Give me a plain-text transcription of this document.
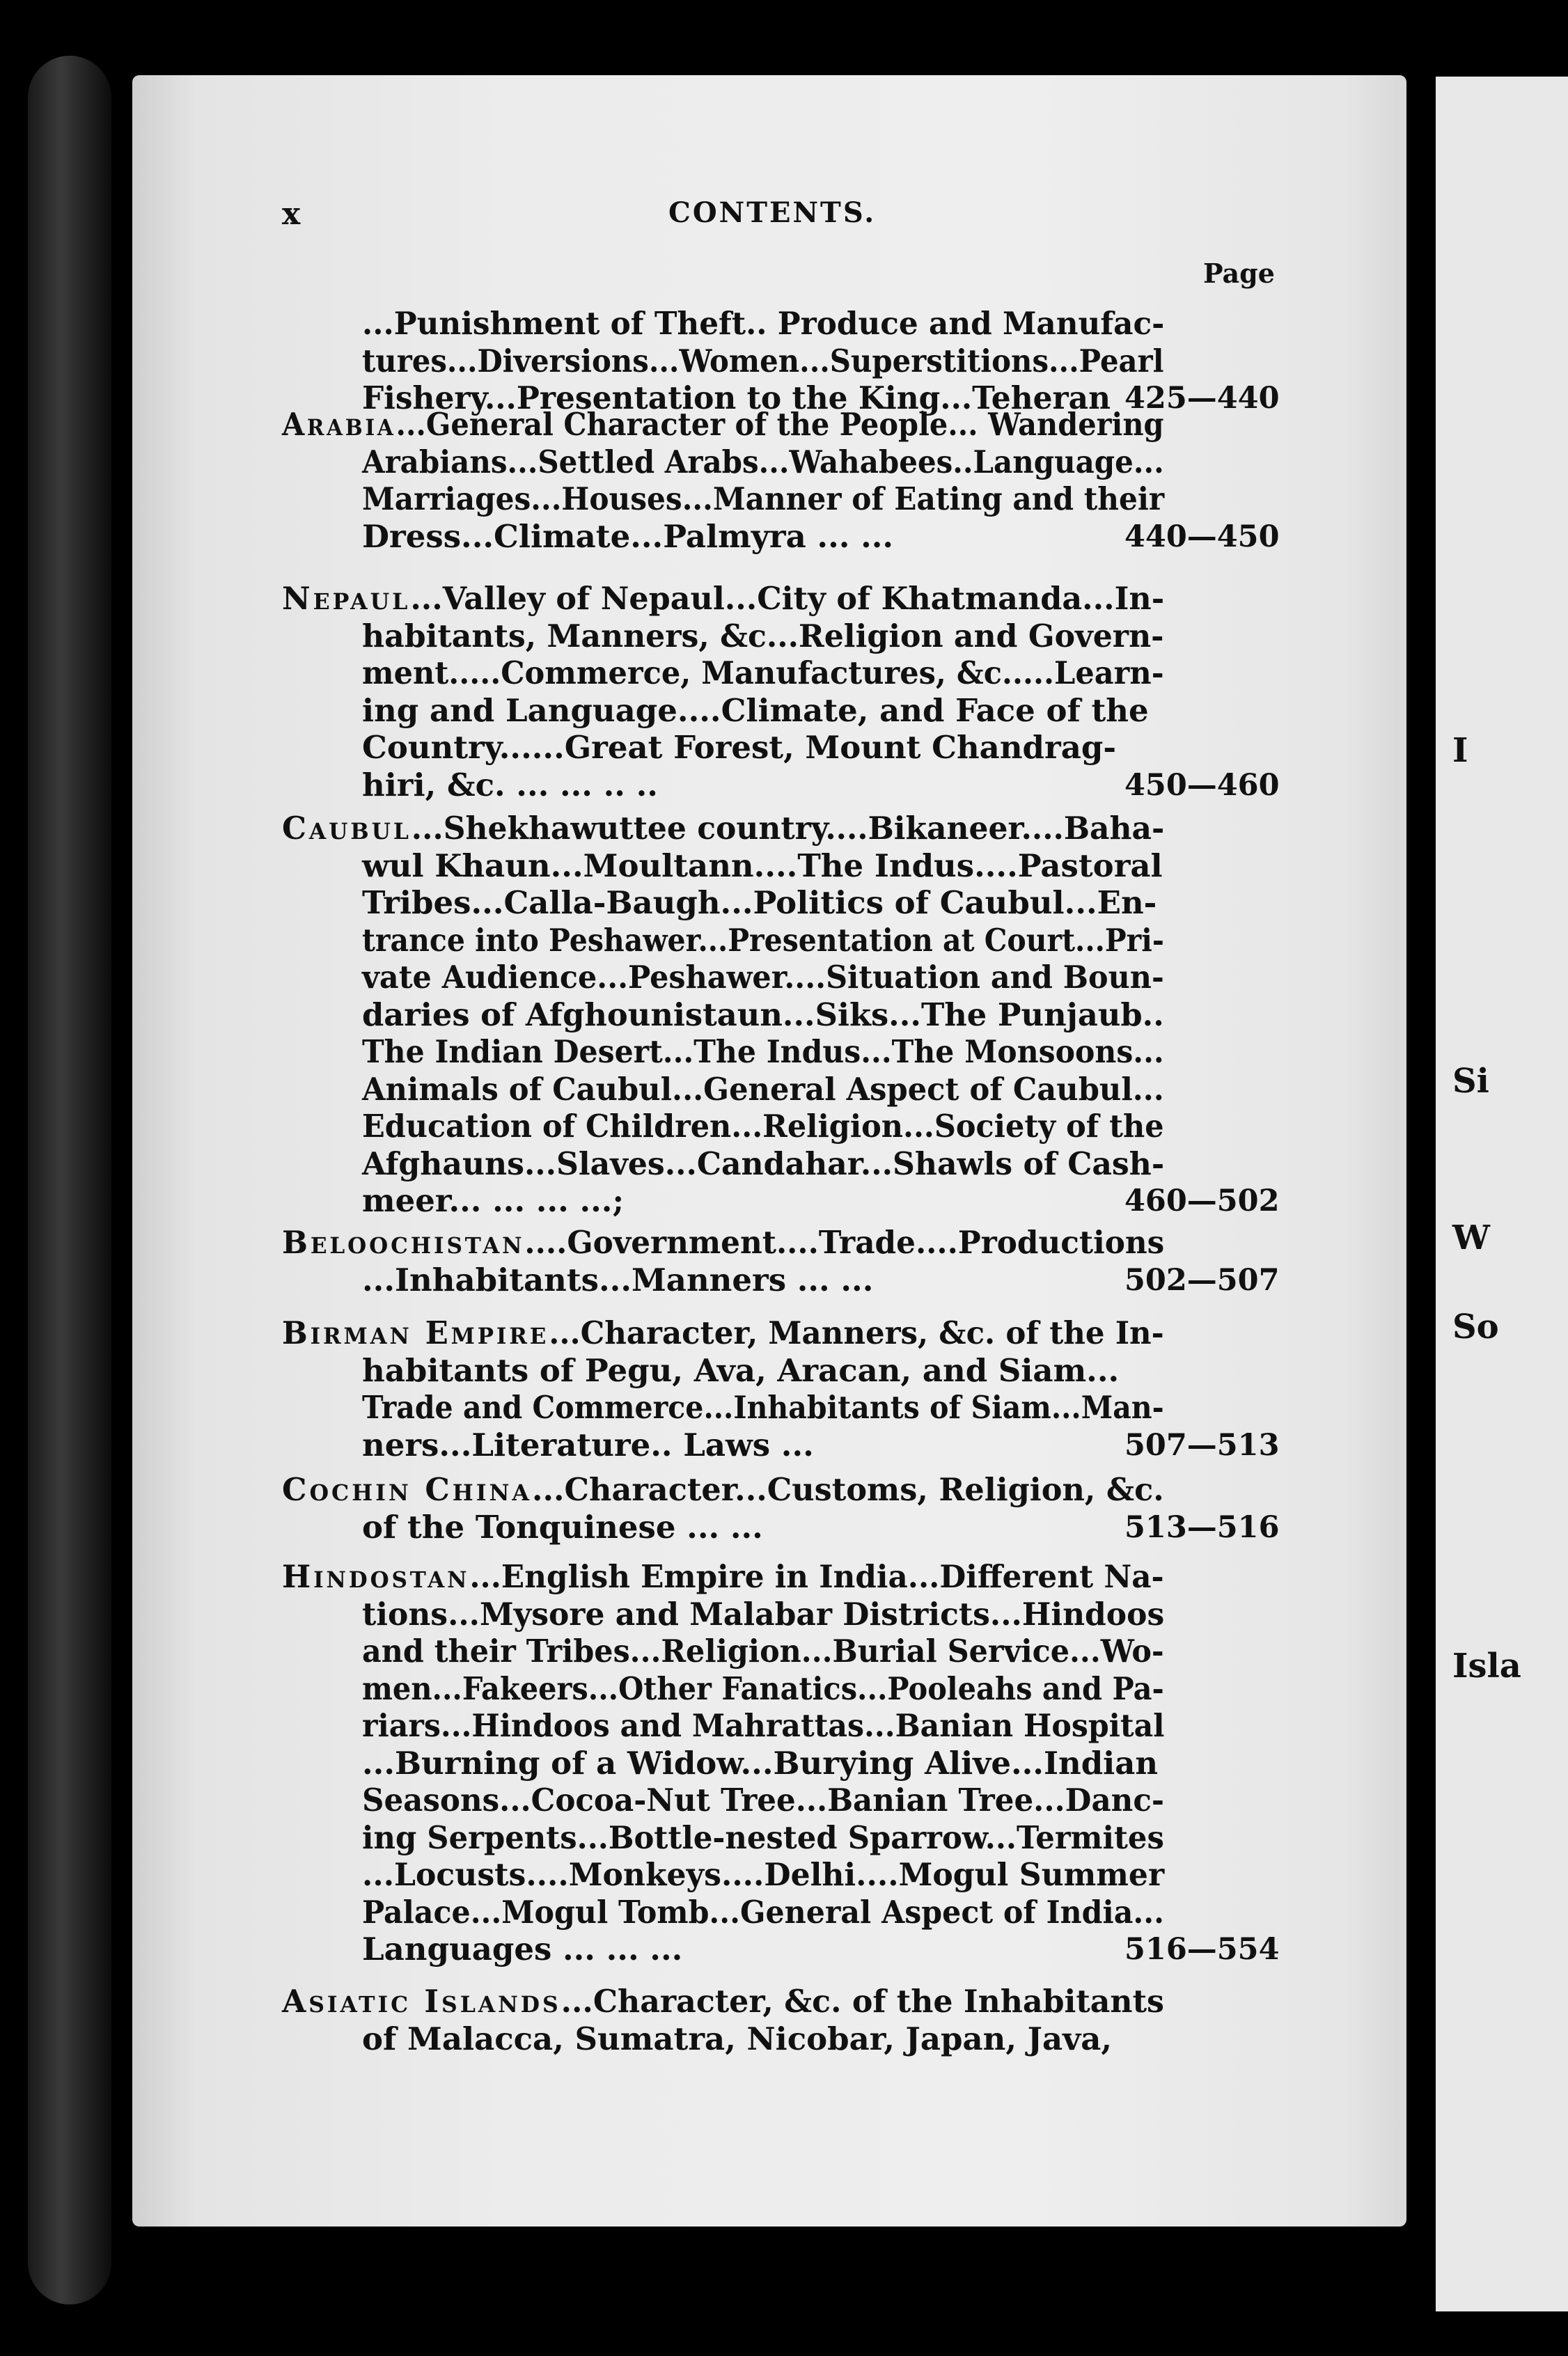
I
Si
W
So
Isla
x	CONTENTS.
Page
...Punishment of Theft.. Produce and Manufac-
tures...Diversions...Women...Superstitions...Pearl
Fishery...Presentation to the King...Teheran 425—440
Arabia ...General Character of the People... Wandering
Arabians...Settled Arabs...Wahabees..Language...
Marriages...Houses...Manner of Eating and their
Dress...Climate...Palmyra ... ...	440—450
Nepaul ...Valley of Nepaul...City of Khatmanda...In-
habitants, Manners, &c...Religion and Govern-
ment.....Commerce, Manufactures, &c.....Learn-
ing and Language....Climate, and Face of the
Country......Great Forest, Mount Chandrag-
hiri, &c. ... ... .. ..	450—460
Caubul ...Shekhawuttee country....Bikaneer....Baha-
wul Khaun...Moultann....The Indus....Pastoral
Tribes...Calla-Baugh...Politics of Caubul...En-
trance into Peshawer...Presentation at Court...Pri-
vate Audience...Peshawer....Situation and Boun-
daries of Afghounistaun...Siks...The Punjaub..
The Indian Desert...The Indus...The Monsoons...
Animals of Caubul...General Aspect of Caubul...
Education of Children...Religion...Society of the
Afghauns...Slaves...Candahar...Shawls of Cash-
meer... ... ... ...;	460—502
Beloochistan ....Government....Trade....Productions
...Inhabitants...Manners ... ...	502—507
Birman Empire ...Character, Manners, &c. of the In-
habitants of Pegu, Ava, Aracan, and Siam...
Trade and Commerce...Inhabitants of Siam...Man-
ners...Literature.. Laws ...	507—513
Cochin China ...Character...Customs, Religion, &c.
of the Tonquinese ... ...	513—516
Hindostan ...English Empire in India...Different Na-
tions...Mysore and Malabar Districts...Hindoos
and their Tribes...Religion...Burial Service...Wo-
men...Fakeers...Other Fanatics...Pooleahs and Pa-
riars...Hindoos and Mahrattas...Banian Hospital
...Burning of a Widow...Burying Alive...Indian
Seasons...Cocoa-Nut Tree...Banian Tree...Danc-
ing Serpents...Bottle-nested Sparrow...Termites
...Locusts....Monkeys....Delhi....Mogul Summer
Palace...Mogul Tomb...General Aspect of India...
Languages ... ... ...	516—554
Asiatic Islands ...Character, &c. of the Inhabitants
of Malacca, Sumatra, Nicobar, Japan, Java,
